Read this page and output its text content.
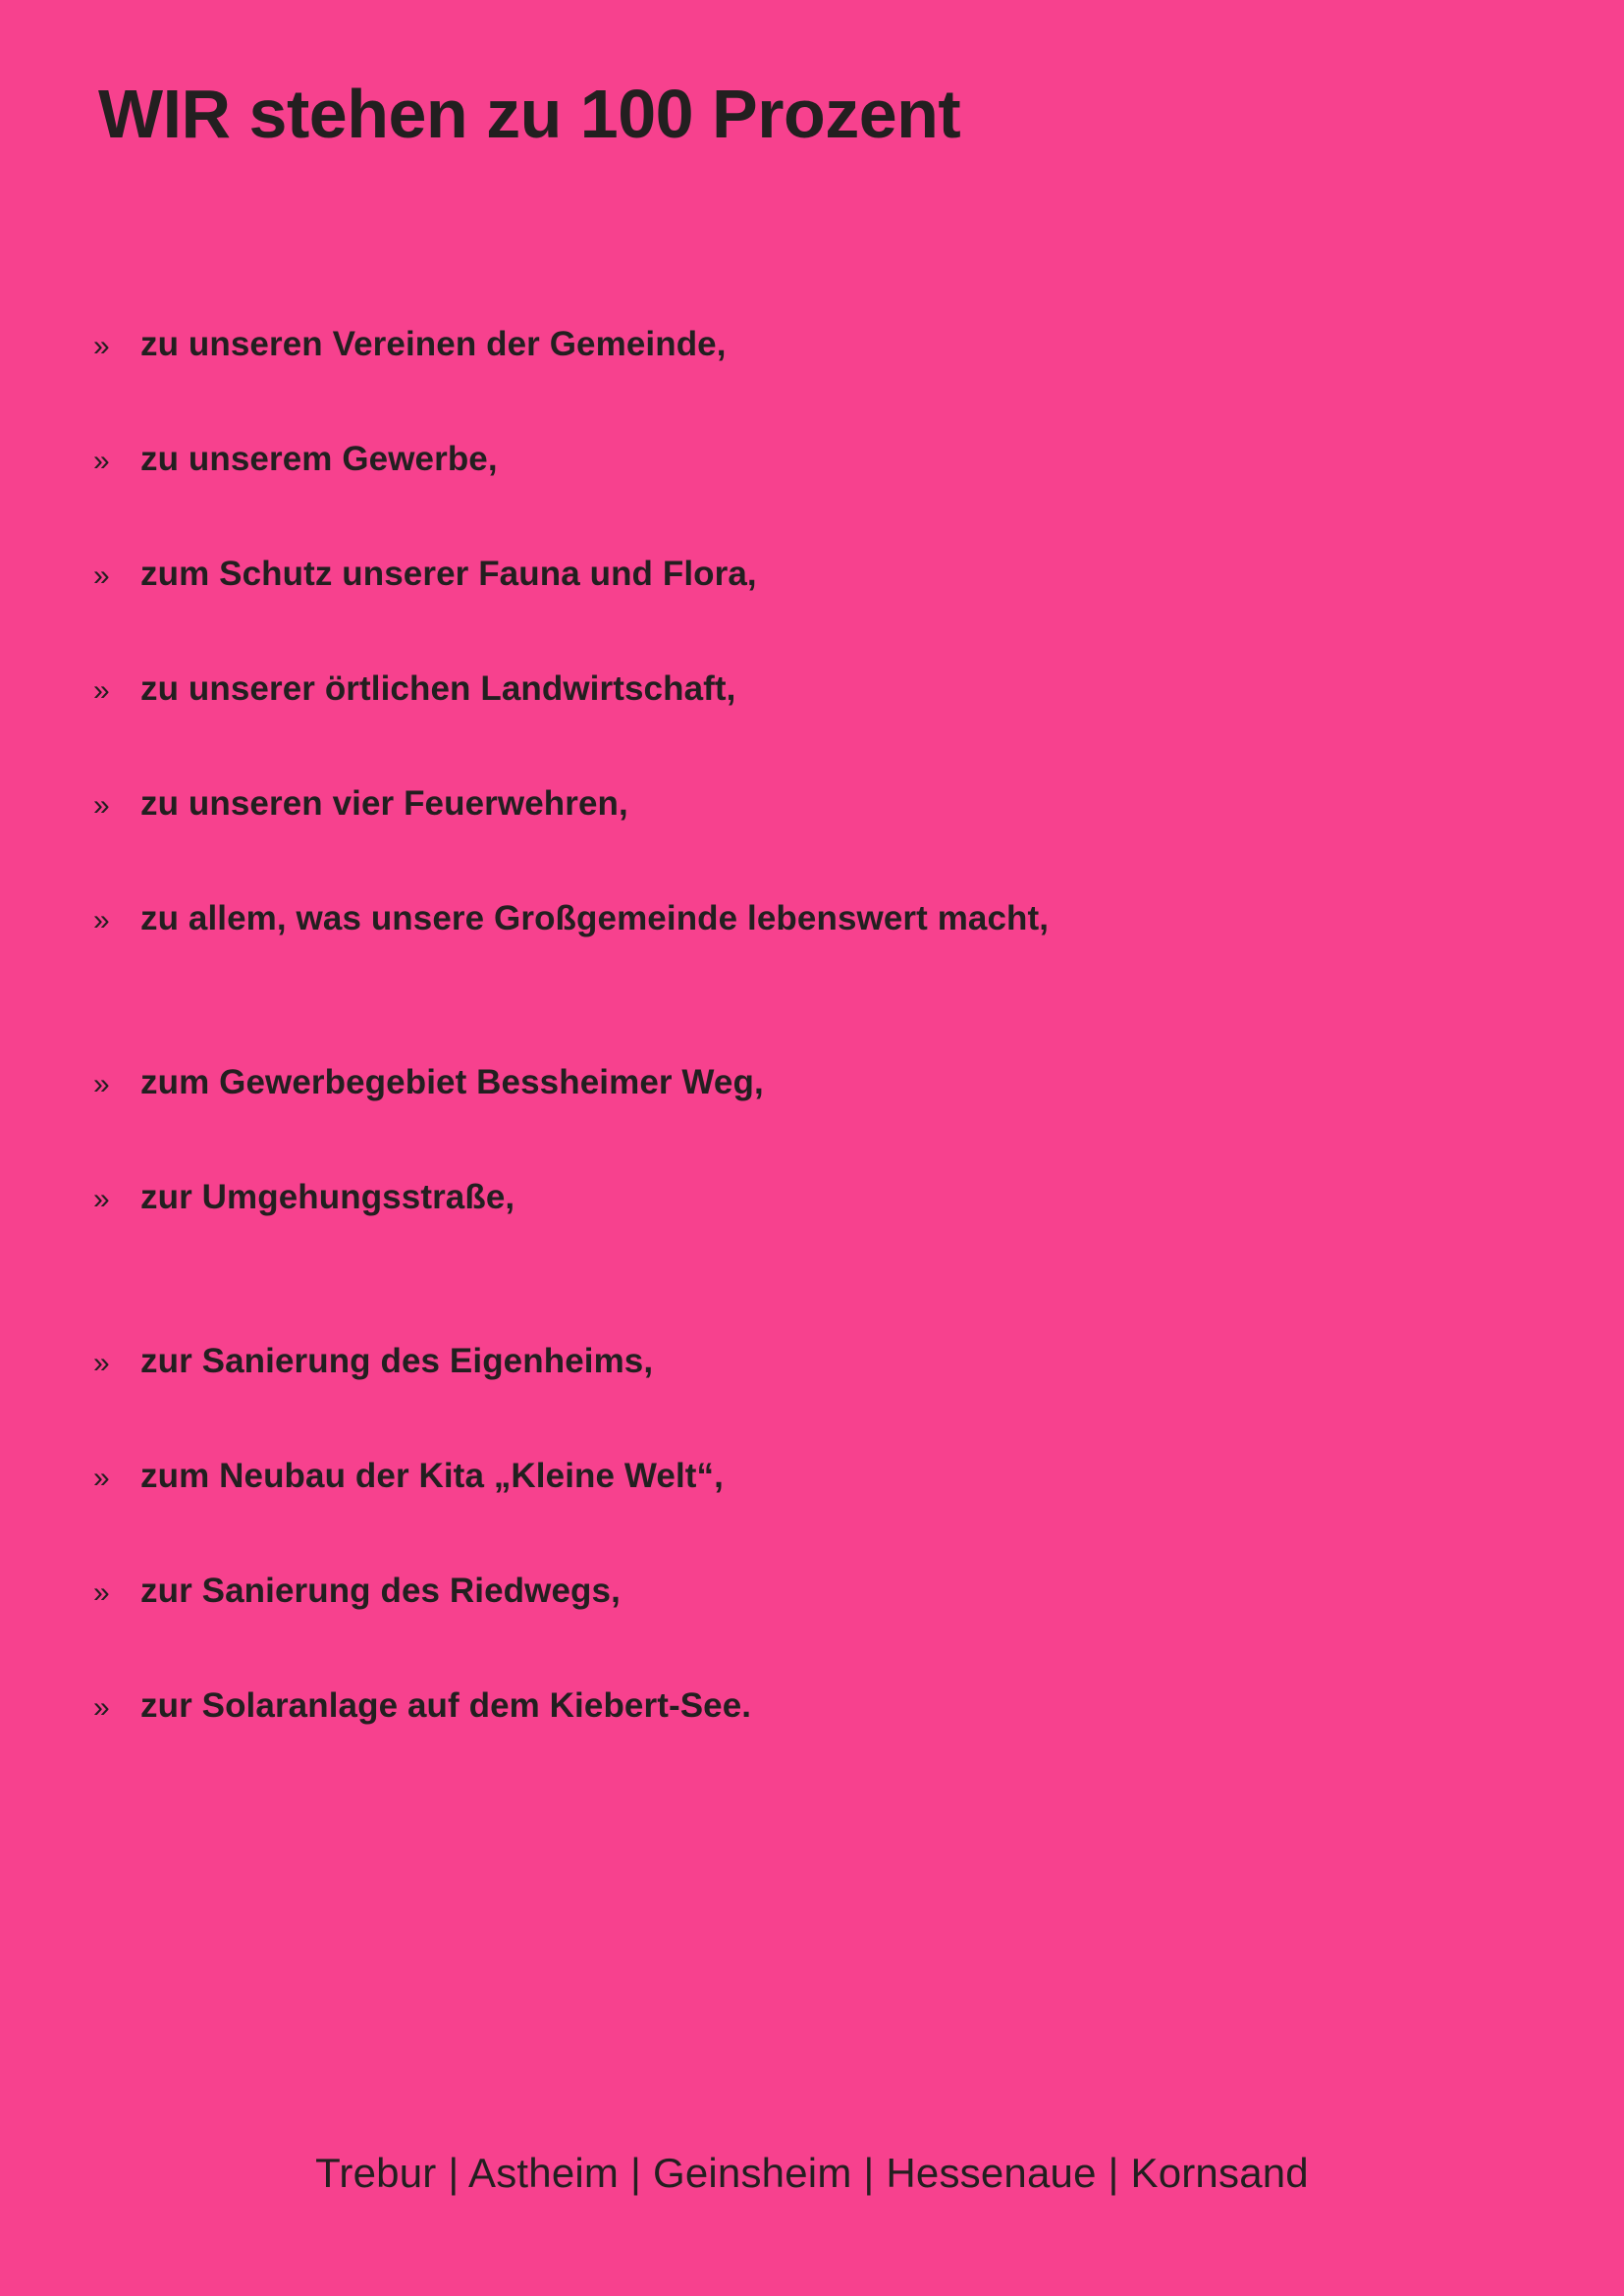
WIR stehen zu 100 Prozent
» zu unseren Vereinen der Gemeinde,
» zu unserem Gewerbe,
» zum Schutz unserer Fauna und Flora,
» zu unserer örtlichen Landwirtschaft,
» zu unseren vier Feuerwehren,
» zu allem, was unsere Großgemeinde lebenswert macht,
» zum Gewerbegebiet Bessheimer Weg,
» zur Umgehungsstraße,
» zur Sanierung des Eigenheims,
» zum Neubau der Kita „Kleine Welt“,
» zur Sanierung des Riedwegs,
» zur Solaranlage auf dem Kiebert-See.
Trebur | Astheim | Geinsheim | Hessenaue | Kornsand
